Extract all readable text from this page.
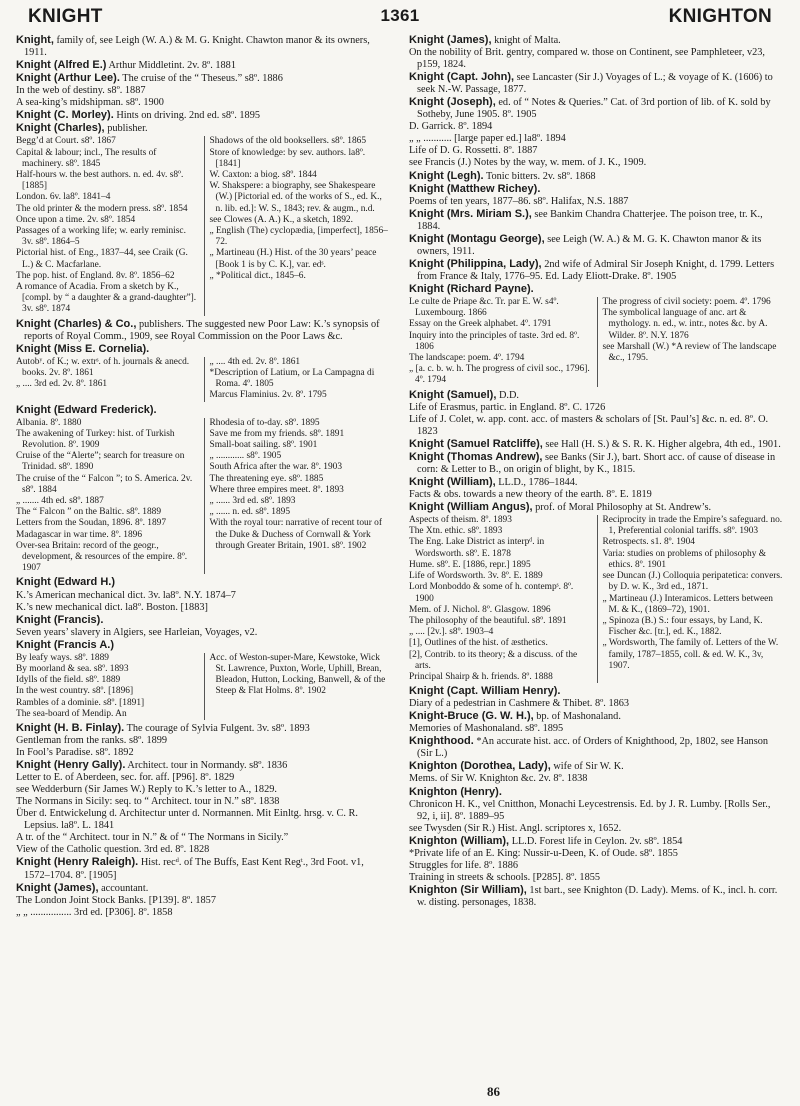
KNIGHT	1361	KNIGHTON

Knight, family of, see Leigh (W. A.) & M. G. Knight. Chawton manor & its owners, 1911.

Knight (Alfred E.) Arthur Middletint. 2v. 8º. 1881

Knight (Arthur Lee). The cruise of the “ Theseus.” s8º. 1886

In the web of destiny. s8º. 1887

A sea-king’s midshipman. s8º. 1900

Knight (C. Morley). Hints on driving. 2nd ed. s8º. 1895

Knight (Charles), publisher.

Begg’d at Court. s8º. 1867

Capital & labour; incl., The results of machinery. s8º. 1845

Half-hours w. the best authors. n. ed. 4v. s8º. [1885]

London. 6v. la8º. 1841–4

The old printer & the modern press. s8º. 1854

Once upon a time. 2v. s8º. 1854

Passages of a working life; w. early reminisc. 3v. s8º. 1864–5

Pictorial hist. of Eng., 1837–44, see Craik (G. L.) & C. Macfarlane.

The pop. hist. of England. 8v. 8º. 1856–62

A romance of Acadia. From a sketch by K., [compl. by “ a daughter & a grand-daughter”]. 3v. s8º. 1874

Shadows of the old booksellers. s8º. 1865

Store of knowledge: by sev. authors. la8º. [1841]

W. Caxton: a biog. s8º. 1844

W. Shakspere: a biography, see Shakespeare (W.) [Pictorial ed. of the works of S., ed. K., n. lib. ed.]: W. S., 1843; rev. & augm., n.d.

see Clowes (A. A.) K., a sketch, 1892.

„ English (The) cyclopædia, [imperfect], 1856–72.

„ Martineau (H.) Hist. of the 30 years’ peace [Book 1 is by C. K.], var. edˢ.

„ *Political dict., 1845–6.

Knight (Charles) & Co., publishers. The suggested new Poor Law: K.’s synopsis of reports of Royal Comm., 1909, see Royal Commission on the Poor Laws &c.

Knight (Miss E. Cornelia).

Autobʸ. of K.; w. extrˢ. of h. journals & anecd. books. 2v. 8º. 1861

„ .... 3rd ed. 2v. 8º. 1861

„ .... 4th ed. 2v. 8º. 1861

*Description of Latium, or La Campagna di Roma. 4º. 1805

Marcus Flaminius. 2v. 8º. 1795

Knight (Edward Frederick).

Albania. 8º. 1880

The awakening of Turkey: hist. of Turkish Revolution. 8º. 1909

Cruise of the “Alerte”; search for treasure on Trinidad. s8º. 1890

The cruise of the “ Falcon ”; to S. America. 2v. s8º. 1884

„ ....... 4th ed. s8º. 1887

The “ Falcon ” on the Baltic. s8º. 1889

Letters from the Soudan, 1896. 8º. 1897

Madagascar in war time. 8º. 1896

Over-sea Britain: record of the geogr., development, & resources of the empire. 8º. 1907

Rhodesia of to-day. s8º. 1895

Save me from my friends. s8º. 1891

Small-boat sailing. s8º. 1901

„ ............ s8º. 1905

South Africa after the war. 8º. 1903

The threatening eye. s8º. 1885

Where three empires meet. 8º. 1893

„ ...... 3rd ed. s8º. 1893

„ ...... n. ed. s8º. 1895

With the royal tour: narrative of recent tour of the Duke & Duchess of Cornwall & York through Greater Britain, 1901. s8º. 1902

Knight (Edward H.)

K.’s American mechanical dict. 3v. la8º. N.Y. 1874–7

K.’s new mechanical dict. la8º. Boston. [1883]

Knight (Francis).

Seven years’ slavery in Algiers, see Harleian, Voyages, v2.

Knight (Francis A.)

By leafy ways. s8º. 1889

By moorland & sea. s8º. 1893

Idylls of the field. s8º. 1889

In the west country. s8º. [1896]

Rambles of a dominie. s8º. [1891]

The sea-board of Mendip. An

Acc. of Weston-super-Mare, Kewstoke, Wick St. Lawrence, Puxton, Worle, Uphill, Brean, Bleadon, Hutton, Locking, Banwell, & of the Steep & Flat Holms. 8º. 1902

Knight (H. B. Finlay). The courage of Sylvia Fulgent. 3v. s8º. 1893

Gentleman from the ranks. s8º. 1899

In Fool’s Paradise. s8º. 1892

Knight (Henry Gally). Architect. tour in Normandy. s8º. 1836

Letter to E. of Aberdeen, sec. for. aff. [P96]. 8º. 1829

see Wedderburn (Sir James W.) Reply to K.’s letter to A., 1829.

The Normans in Sicily: seq. to “ Architect. tour in N.” s8º. 1838

Über d. Entwickelung d. Architectur unter d. Normannen. Mit Einltg. hrsg. v. C. R. Lepsius. la8º. L. 1841

A tr. of the “ Architect. tour in N.” & of “ The Normans in Sicily.”

View of the Catholic question. 3rd ed. 8º. 1828

Knight (Henry Raleigh). Hist. recᵈ. of The Buffs, East Kent Regᵗ., 3rd Foot. v1, 1572–1704. 8º. [1905]

Knight (James), accountant.

The London Joint Stock Banks. [P139]. 8º. 1857

„ „ ................ 3rd ed. [P306]. 8º. 1858

Knight (James), knight of Malta.

On the nobility of Brit. gentry, compared w. those on Continent, see Pamphleteer, v23, p159, 1824.

Knight (Capt. John), see Lancaster (Sir J.) Voyages of L.; & voyage of K. (1606) to seek N.-W. Passage, 1877.

Knight (Joseph), ed. of “ Notes & Queries.” Cat. of 3rd portion of lib. of K. sold by Sotheby, June 1905. 8º. 1905

D. Garrick. 8º. 1894

„ „ ........... [large paper ed.] la8º. 1894

Life of D. G. Rossetti. 8º. 1887

see Francis (J.) Notes by the way, w. mem. of J. K., 1909.

Knight (Legh). Tonic bitters. 2v. s8º. 1868

Knight (Matthew Richey).

Poems of ten years, 1877–86. s8º. Halifax, N.S. 1887

Knight (Mrs. Miriam S.), see Bankim Chandra Chatterjee. The poison tree, tr. K., 1884.

Knight (Montagu George), see Leigh (W. A.) & M. G. K. Chawton manor & its owners, 1911.

Knight (Philippina, Lady), 2nd wife of Admiral Sir Joseph Knight, d. 1799. Letters from France & Italy, 1776–95. Ed. Lady Eliott-Drake. 8º. 1905

Knight (Richard Payne).

Le culte de Priape &c. Tr. par E. W. s4º. Luxembourg. 1866

Essay on the Greek alphabet. 4º. 1791

Inquiry into the principles of taste. 3rd ed. 8º. 1806

The landscape: poem. 4º. 1794

„ [a. c. b. w. h. The progress of civil soc., 1796]. 4º. 1794

The progress of civil society: poem. 4º. 1796

The symbolical language of anc. art & mythology. n. ed., w. intr., notes &c. by A. Wilder. 8º. N.Y. 1876

see Marshall (W.) *A review of The landscape &c., 1795.

Knight (Samuel), D.D.

Life of Erasmus, partic. in England. 8º. C. 1726

Life of J. Colet, w. app. cont. acc. of masters & scholars of [St. Paul’s] &c. n. ed. 8º. O. 1823

Knight (Samuel Ratcliffe), see Hall (H. S.) & S. R. K. Higher algebra, 4th ed., 1901.

Knight (Thomas Andrew), see Banks (Sir J.), bart. Short acc. of cause of disease in corn: & Letter to B., on origin of blight, by K., 1815.

Knight (William), LL.D., 1786–1844.

Facts & obs. towards a new theory of the earth. 8º. E. 1819

Knight (William Angus), prof. of Moral Philosophy at St. Andrew’s.

Aspects of theism. 8º. 1893

The Xtn. ethic. s8º. 1893

The Eng. Lake District as interpᵈ. in Wordsworth. s8º. E. 1878

Hume. s8º. E. [1886, repr.] 1895

Life of Wordsworth. 3v. 8º. E. 1889

Lord Monboddo & some of h. contempˢ. 8º. 1900

Mem. of J. Nichol. 8º. Glasgow. 1896

The philosophy of the beautiful. s8º. 1891

„ .... [2v.]. s8º. 1903–4

[1], Outlines of the hist. of æsthetics.

[2], Contrib. to its theory; & a discuss. of the arts.

Principal Shairp & h. friends. 8º. 1888

Reciprocity in trade the Empire’s safeguard. no. 1, Preferential colonial tariffs. s8º. 1903

Retrospects. s1. 8º. 1904

Varia: studies on problems of philosophy & ethics. 8º. 1901

see Duncan (J.) Colloquia peripatetica: convers. by D. w. K., 3rd ed., 1871.

„ Martineau (J.) Interamicos. Letters between M. & K., (1869–72), 1901.

„ Spinoza (B.) S.: four essays, by Land, K. Fischer &c. [tr.], ed. K., 1882.

„ Wordsworth, The family of. Letters of the W. family, 1787–1855, coll. & ed. W. K., 3v, 1907.

Knight (Capt. William Henry).

Diary of a pedestrian in Cashmere & Thibet. 8º. 1863

Knight-Bruce (G. W. H.), bp. of Mashonaland.

Memories of Mashonaland. s8º. 1895

Knighthood. *An accurate hist. acc. of Orders of Knighthood, 2p, 1802, see Hanson (Sir L.)

Knighton (Dorothea, Lady), wife of Sir W. K.

Mems. of Sir W. Knighton &c. 2v. 8º. 1838

Knighton (Henry).

Chronicon H. K., vel Cnitthon, Monachi Leycestrensis. Ed. by J. R. Lumby. [Rolls Ser., 92, i, ii]. 8º. 1889–95

see Twysden (Sir R.) Hist. Angl. scriptores x, 1652.

Knighton (William), LL.D. Forest life in Ceylon. 2v. s8º. 1854

*Private life of an E. King: Nussir-u-Deen, K. of Oude. s8º. 1855

Struggles for life. 8º. 1886

Training in streets & schools. [P285]. 8º. 1855

Knighton (Sir William), 1st bart., see Knighton (D. Lady). Mems. of K., incl. h. corr. w. disting. personages, 1838.

86
